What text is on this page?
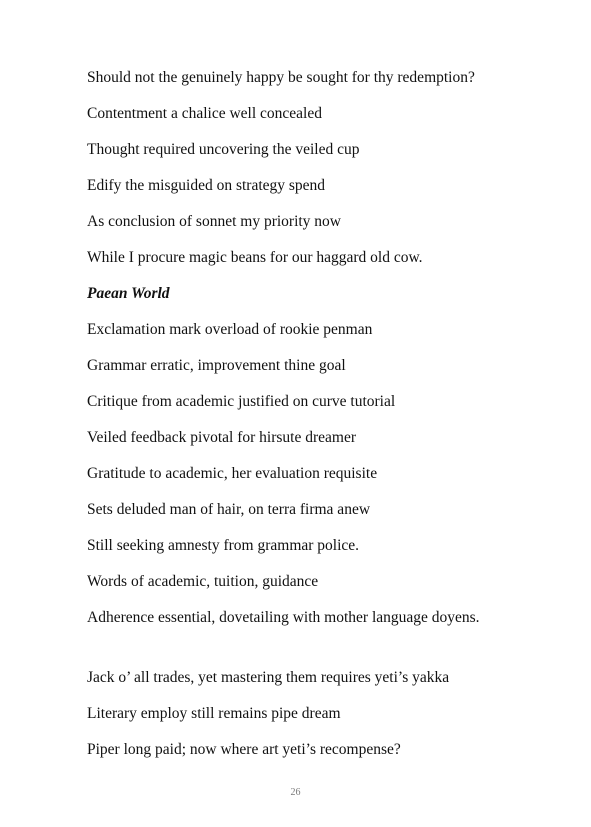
Should not the genuinely happy be sought for thy redemption?
Contentment a chalice well concealed
Thought required uncovering the veiled cup
Edify the misguided on strategy spend
As conclusion of sonnet my priority now
While I procure magic beans for our haggard old cow.
Paean World
Exclamation mark overload of rookie penman
Grammar erratic, improvement thine goal
Critique from academic justified on curve tutorial
Veiled feedback pivotal for hirsute dreamer
Gratitude to academic, her evaluation requisite
Sets deluded man of hair, on terra firma anew
Still seeking amnesty from grammar police.
Words of academic, tuition, guidance
Adherence essential, dovetailing with mother language doyens.
Jack o’ all trades, yet mastering them requires yeti’s yakka
Literary employ still remains pipe dream
Piper long paid; now where art yeti’s recompense?
26
